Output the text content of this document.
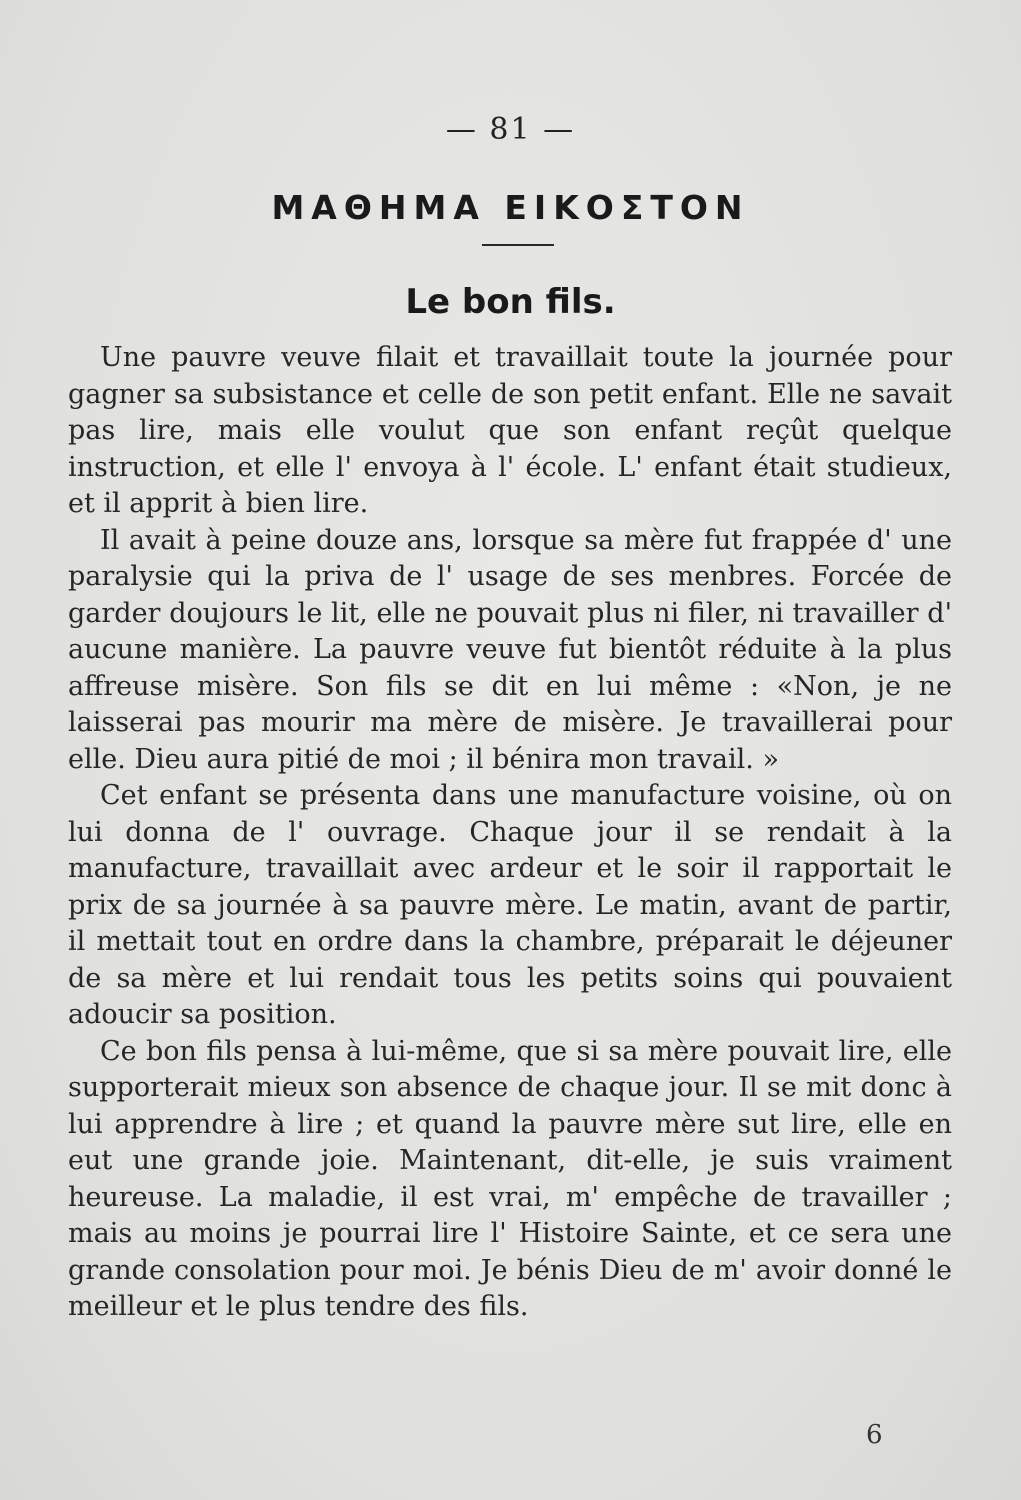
— 81 —
ΜΑΘΗΜΑ ΕΙΚΟΣΤΟΝ
Le bon fils.

Une pauvre veuve filait et travaillait toute la journée pour gagner sa subsistance et celle de son petit enfant. Elle ne savait pas lire, mais elle voulut que son enfant reçût quelque instruction, et elle l' envoya à l' école. L' enfant était studieux, et il apprit à bien lire.

Il avait à peine douze ans, lorsque sa mère fut frappée d' une paralysie qui la priva de l' usage de ses menbres. Forcée de garder doujours le lit, elle ne pouvait plus ni filer, ni travailler d' aucune manière. La pauvre veuve fut bientôt réduite à la plus affreuse misère. Son fils se dit en lui même : «Non, je ne laisserai pas mourir ma mère de misère. Je travaillerai pour elle. Dieu aura pitié de moi ; il bénira mon travail. »

Cet enfant se présenta dans une manufacture voisine, où on lui donna de l' ouvrage. Chaque jour il se rendait à la manufacture, travaillait avec ardeur et le soir il rapportait le prix de sa journée à sa pauvre mère. Le matin, avant de partir, il mettait tout en ordre dans la chambre, préparait le déjeuner de sa mère et lui rendait tous les petits soins qui pouvaient adoucir sa position.

Ce bon fils pensa à lui-même, que si sa mère pouvait lire, elle supporterait mieux son absence de chaque jour. Il se mit donc à lui apprendre à lire ; et quand la pauvre mère sut lire, elle en eut une grande joie. Maintenant, dit-elle, je suis vraiment heureuse. La maladie, il est vrai, m' empêche de travailler ; mais au moins je pourrai lire l' Histoire Sainte, et ce sera une grande consolation pour moi. Je bénis Dieu de m' avoir donné le meilleur et le plus tendre des fils.

6
